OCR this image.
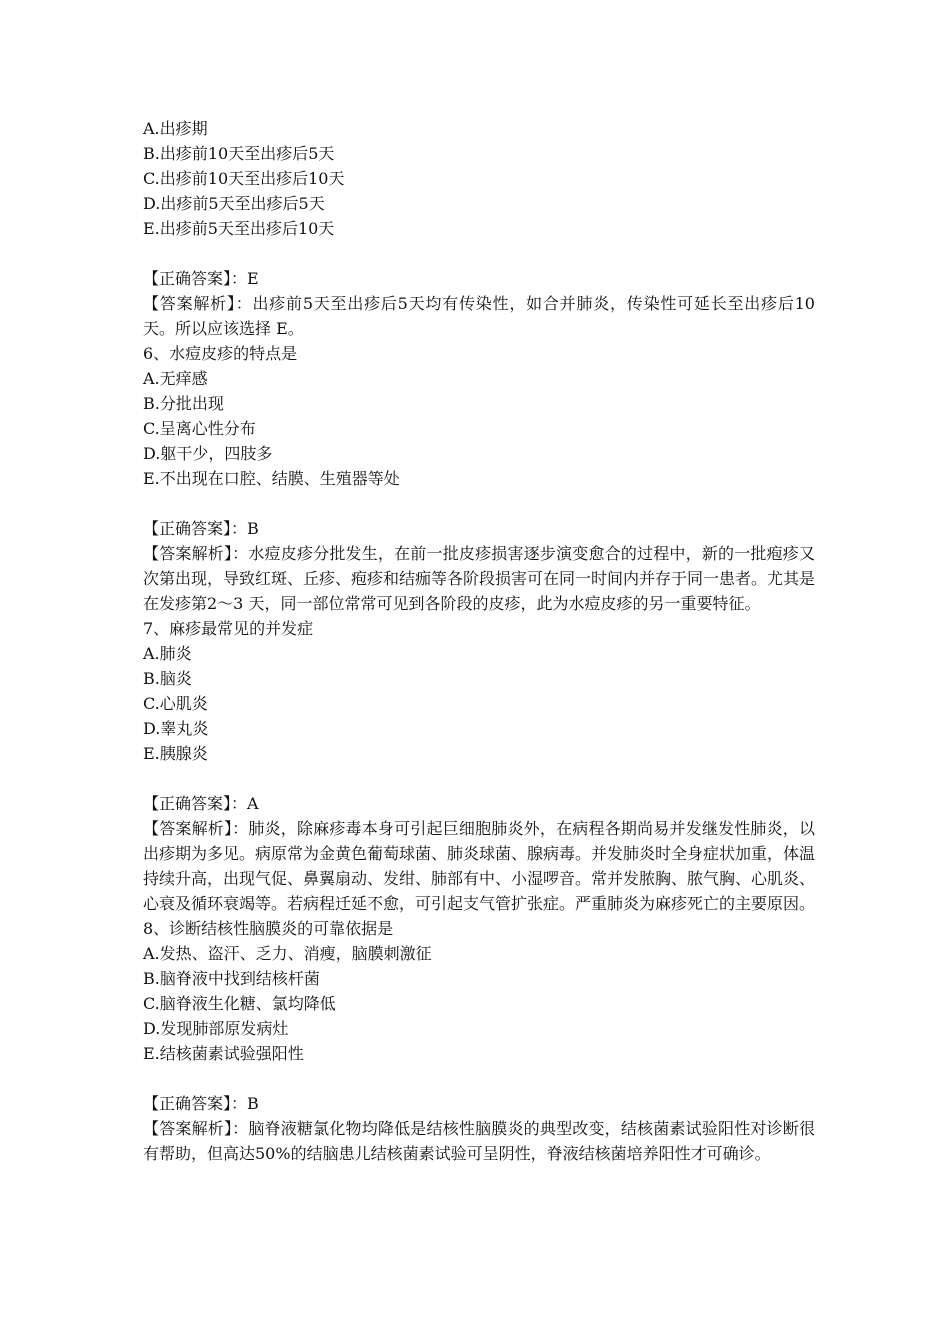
A.出疹期
B.出疹前10天至出疹后5天
C.出疹前10天至出疹后10天
D.出疹前5天至出疹后5天
E.出疹前5天至出疹后10天
【正确答案】：E
【答案解析】：出疹前5天至出疹后5天均有传染性，如合并肺炎，传染性可延长至出疹后10天。所以应该选择 E。
6、水痘皮疹的特点是
A.无痒感
B.分批出现
C.呈离心性分布
D.躯干少，四肢多
E.不出现在口腔、结膜、生殖器等处
【正确答案】：B
【答案解析】：水痘皮疹分批发生，在前一批皮疹损害逐步演变愈合的过程中，新的一批疱疹又次第出现，导致红斑、丘疹、疱疹和结痂等各阶段损害可在同一时间内并存于同一患者。尤其是在发疹第2～3 天，同一部位常常可见到各阶段的皮疹，此为水痘皮疹的另一重要特征。
7、麻疹最常见的并发症
A.肺炎
B.脑炎
C.心肌炎
D.睾丸炎
E.胰腺炎
【正确答案】：A
【答案解析】：肺炎，除麻疹毒本身可引起巨细胞肺炎外，在病程各期尚易并发继发性肺炎，以出疹期为多见。病原常为金黄色葡萄球菌、肺炎球菌、腺病毒。并发肺炎时全身症状加重，体温持续升高，出现气促、鼻翼扇动、发绀、肺部有中、小湿啰音。常并发脓胸、脓气胸、心肌炎、心衰及循环衰竭等。若病程迁延不愈，可引起支气管扩张症。严重肺炎为麻疹死亡的主要原因。
8、诊断结核性脑膜炎的可靠依据是
A.发热、盗汗、乏力、消瘦，脑膜刺激征
B.脑脊液中找到结核杆菌
C.脑脊液生化糖、氯均降低
D.发现肺部原发病灶
E.结核菌素试验强阳性
【正确答案】：B
【答案解析】：脑脊液糖氯化物均降低是结核性脑膜炎的典型改变，结核菌素试验阳性对诊断很有帮助，但高达50%的结脑患儿结核菌素试验可呈阴性，脊液结核菌培养阳性才可确诊。
